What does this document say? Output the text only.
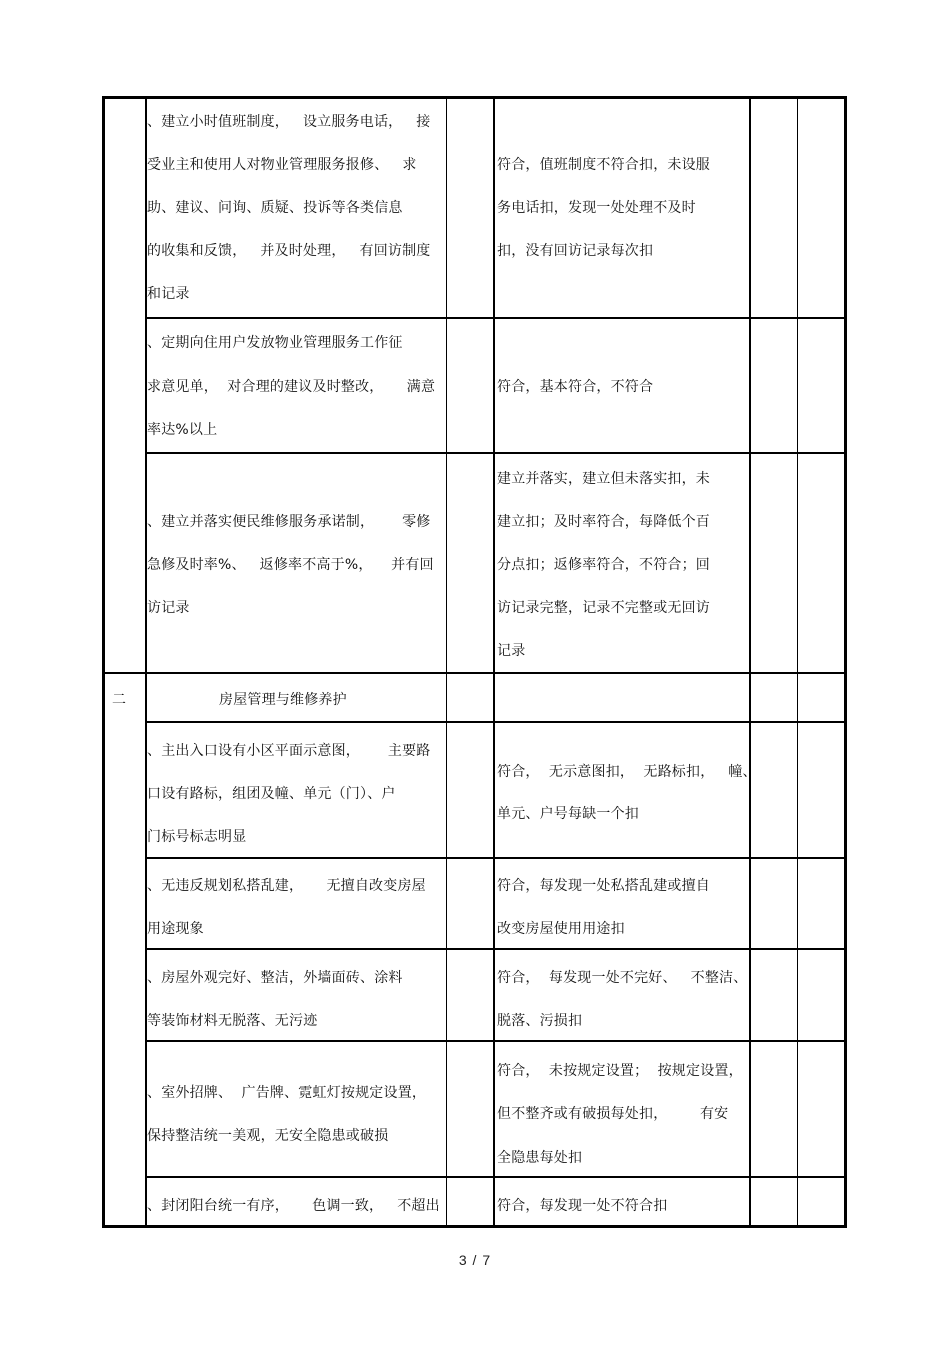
、建立小时值班制度，   设立服务电话，   接
受业主和使用人对物业管理服务报修、   求
助、建议、问询、质疑、投诉等各类信息
的收集和反馈，   并及时处理，   有回访制度
和记录
符合，值班制度不符合扣，未设服
务电话扣，发现一处处理不及时
扣，没有回访记录每次扣
、定期向住用户发放物业管理服务工作征
求意见单，  对合理的建议及时整改，     满意
率达%以上
符合，基本符合，不符合
、建立并落实便民维修服务承诺制，      零修
急修及时率%、   返修率不高于%，    并有回
访记录
建立并落实，建立但未落实扣，未
建立扣；及时率符合，每降低个百
分点扣；返修率符合，不符合；回
访记录完整，记录不完整或无回访
记录
二	房屋管理与维修养护
、主出入口设有小区平面示意图，      主要路
口设有路标，组团及幢、单元（门）、户
门标号标志明显
符合，  无示意图扣，  无路标扣，   幢、
单元、户号每缺一个扣
、无违反规划私搭乱建，     无擅自改变房屋
用途现象
符合，每发现一处私搭乱建或擅自
改变房屋使用用途扣
、房屋外观完好、整洁，外墙面砖、涂料
等装饰材料无脱落、无污迹
符合，  每发现一处不完好、   不整洁、
脱落、污损扣
、室外招牌、  广告牌、霓虹灯按规定设置，
保持整洁统一美观，无安全隐患或破损
符合，  未按规定设置；  按规定设置，
但不整齐或有破损每处扣，       有安
全隐患每处扣
、封闭阳台统一有序，     色调一致，   不超出	符合，每发现一处不符合扣
3 / 7
